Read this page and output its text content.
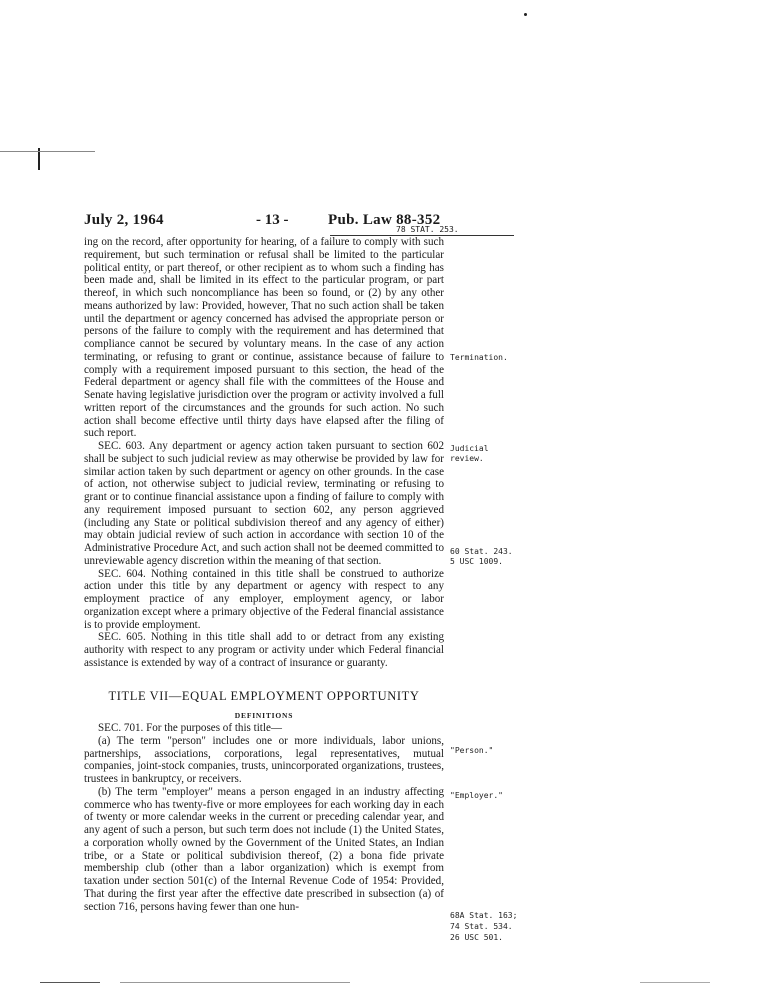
July 2, 1964	- 13 -	Pub. Law 88-352
78 STAT. 253.

ing on the record, after opportunity for hearing, of a failure to comply with such requirement, but such termination or refusal shall be limited to the particular political entity, or part thereof, or other recipient as to whom such a finding has been made and, shall be limited in its effect to the particular program, or part thereof, in which such noncompliance has been so found, or (2) by any other means authorized by law: Provided, however, That no such action shall be taken until the department or agency concerned has advised the appropriate person or persons of the failure to comply with the requirement and has determined that compliance cannot be secured by voluntary means. In the case of any action terminating, or refusing to grant or continue, assistance because of failure to comply with a requirement imposed pursuant to this section, the head of the Federal department or agency shall file with the committees of the House and Senate having legislative jurisdiction over the program or activity involved a full written report of the circumstances and the grounds for such action. No such action shall become effective until thirty days have elapsed after the filing of such report.

SEC. 603. Any department or agency action taken pursuant to section 602 shall be subject to such judicial review as may otherwise be provided by law for similar action taken by such department or agency on other grounds. In the case of action, not otherwise subject to judicial review, terminating or refusing to grant or to continue financial assistance upon a finding of failure to comply with any requirement imposed pursuant to section 602, any person aggrieved (including any State or political subdivision thereof and any agency of either) may obtain judicial review of such action in accordance with section 10 of the Administrative Procedure Act, and such action shall not be deemed committed to unreviewable agency discretion within the meaning of that section.

SEC. 604. Nothing contained in this title shall be construed to authorize action under this title by any department or agency with respect to any employment practice of any employer, employment agency, or labor organization except where a primary objective of the Federal financial assistance is to provide employment.

SEC. 605. Nothing in this title shall add to or detract from any existing authority with respect to any program or activity under which Federal financial assistance is extended by way of a contract of insurance or guaranty.

TITLE VII—EQUAL EMPLOYMENT OPPORTUNITY
DEFINITIONS

SEC. 701. For the purposes of this title—

(a) The term "person" includes one or more individuals, labor unions, partnerships, associations, corporations, legal representatives, mutual companies, joint-stock companies, trusts, unincorporated organizations, trustees, trustees in bankruptcy, or receivers.

(b) The term "employer" means a person engaged in an industry affecting commerce who has twenty-five or more employees for each working day in each of twenty or more calendar weeks in the current or preceding calendar year, and any agent of such a person, but such term does not include (1) the United States, a corporation wholly owned by the Government of the United States, an Indian tribe, or a State or political subdivision thereof, (2) a bona fide private membership club (other than a labor organization) which is exempt from taxation under section 501(c) of the Internal Revenue Code of 1954: Provided, That during the first year after the effective date prescribed in subsection (a) of section 716, persons having fewer than one hun-

Termination.
Judicial review.
60 Stat. 243.
5 USC 1009.
"Person."
"Employer."
68A Stat. 163;
74 Stat. 534.
26 USC 501.
